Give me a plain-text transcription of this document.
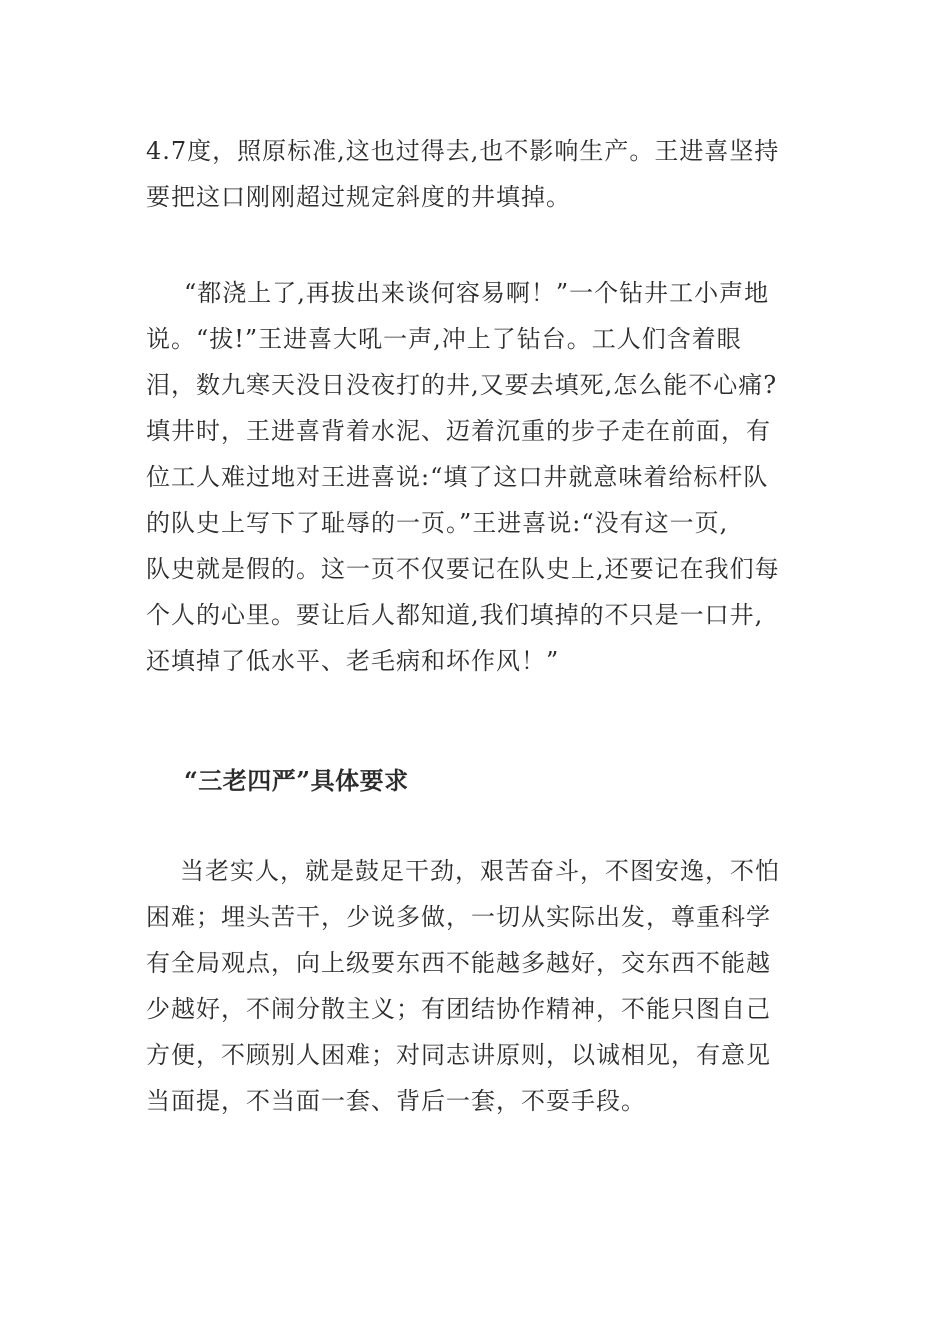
4.7度，照原标准,这也过得去,也不影响生产。王进喜坚持
要把这口刚刚超过规定斜度的井填掉。
“都浇上了,再拔出来谈何容易啊！”一个钻井工小声地
说。“拔!”王进喜大吼一声,冲上了钻台。工人们含着眼
泪，数九寒天没日没夜打的井,又要去填死,怎么能不心痛?
填井时，王进喜背着水泥、迈着沉重的步子走在前面，有
位工人难过地对王进喜说:“填了这口井就意味着给标杆队
的队史上写下了耻辱的一页。”王进喜说:“没有这一页,
队史就是假的。这一页不仅要记在队史上,还要记在我们每
个人的心里。要让后人都知道,我们填掉的不只是一口井,
还填掉了低水平、老毛病和坏作风！”
“三老四严”具体要求
当老实人，就是鼓足干劲，艰苦奋斗，不图安逸，不怕
困难；埋头苦干，少说多做，一切从实际出发，尊重科学
有全局观点，向上级要东西不能越多越好，交东西不能越
少越好，不闹分散主义；有团结协作精神，不能只图自己
方便，不顾别人困难；对同志讲原则，以诚相见，有意见
当面提，不当面一套、背后一套，不耍手段。
